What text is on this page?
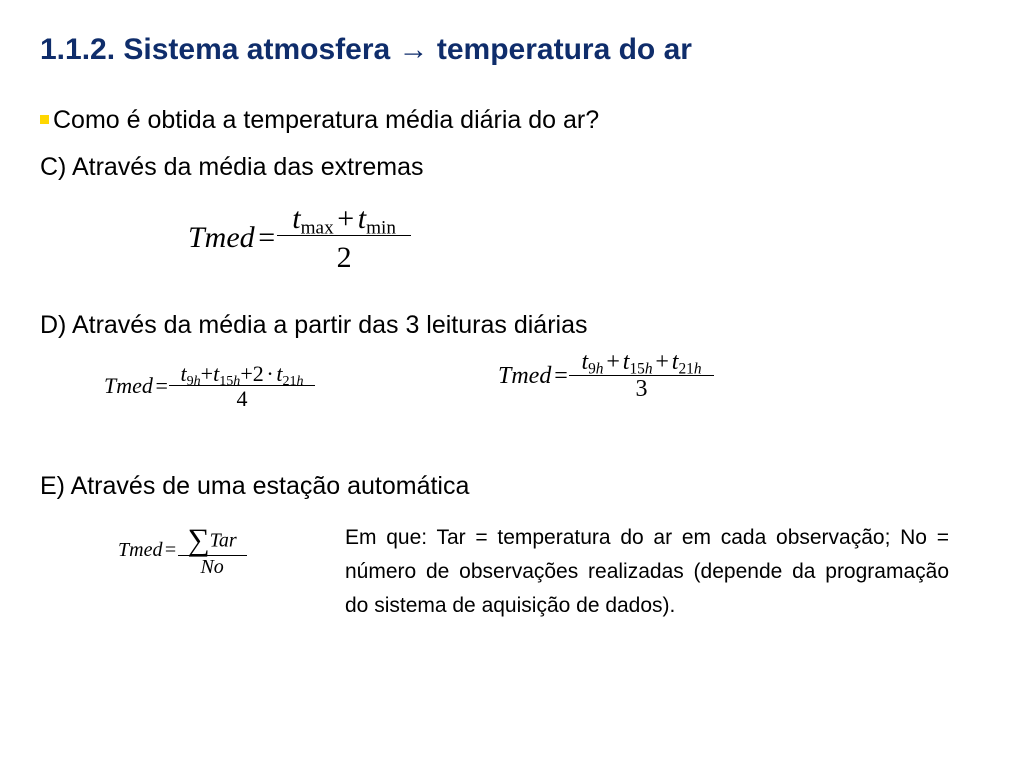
1.1.2. Sistema atmosfera → temperatura do ar
Como é obtida a temperatura média diária do ar?
C) Através da média das extremas
Tmed = $\frac{t_{max} + t_{min}}{2}$
D) Através da média a partir das 3 leituras diárias
Tmed = $\frac{t_{9h}+t_{15h}+2 \cdot t_{21h}}{4}$	Tmed = $\frac{t_{9h} + t_{15h} + t_{21h}}{3}$
E) Através de uma estação automática
Tmed = $\frac{\text{∑Tar}}{No}$	Em que: Tar = temperatura do ar em cada observação; No = número de observações realizadas (depende da programação do sistema de aquisição de dados).
